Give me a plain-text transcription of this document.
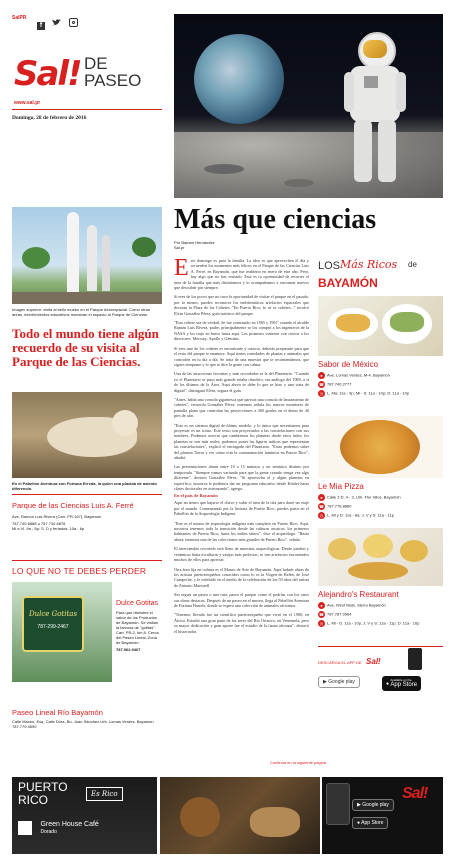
SalPR
f
Sal! DE
PASEO
www.sal.pr
Domingo, 28 de febrero de 2016
Imagen superior: visita al bello museo en el Parque Aeroespacial. Como otras áreas, intertrimientos educativos muestran el espacio al Parque de Ciencias.
Todo el mundo tiene algún recuerdo de su visita al Parque de las Ciencias.
En el Pabellón Aventura con Fortuna Erreda, la quien una placida de asiento diferencia.
Parque de las Ciencias Luis A. Ferré
Ave. Ramón Luis Rivera (Carr. PR-167), Bayamón
787.740.6868 o 787.740.6878
Mi a Vi. 9a - 5p; S, D y feriados: 10a - 6p
LO QUE NO TE DEBES PERDER
Dulce Gotitas
787-299-2467
Dulce Gotitas
Para que disfrutes el sabor de los Productos de Bayamón. Se visitan la famosa de "gotitas". Carr. PR-2, km 8. Cerca del Paseo Lineal. Zona de Bayamón.
787.962.9467
Paseo Lineal Río Bayamón
Calle Maceo, Esq. Calle Dóra, Bo. Juan Sánchez Urb. Lomas Verdes, Bayamón
787.779.4590
Más que ciencias
Por Bairam Hernández
Sal.pr
Este domingo es para la familia. La idea es que aprovechen el día y recuerden los momentos más felices en el Parque de las Ciencias Luis A. Ferré, en Bayamón, que fue reabierto en enero de este año. Pero, hay algo que no has visitado. Esta es tu oportunidad de recorrer el área de la familia que más disfrutamos y lo acompañamos a encontrar nuevos que descubrir por siempre.
Si eres de los pocos que no tuvo la oportunidad de visitar el parque en el pasado, por lo menos, puedes reconocer los emblemáticos artefactos espaciales que decoran la Plaza de los Cohetes. "En Puerto Rico, lo sé es cohetes..." recalcó Elvin González Pérez, guía turístico del parque.
"Esta cohete sea de verdad. Se fue construido en 1965 y 1967, cuando el alcalde Ramón Luis Rivera, padre, principalmente se los compró a los ingenieros de la NASA y los trajo en barco hasta aquí. Los primeros vinieron con ciertos a los directores. Mercury, Apollo y Géminis.
Si eres uno de los cohetes es encontrarte y curioso, deberás prepararte para que el resto del parque te enamore. Aquí tienes variedades de plantas y animales que coinciden en tu día a día. Se trata de una muestra que te recomendamos, que sigues temprano y lo que te dice la gente con calma.
Una de las atracciones favoritas y más recordadas es la del Planetario. "Cuando yo el Planetario se puso más grande estaba obsoleto, era análogo del 1969, a sí de los últimos de la Área. Aquí ahora se debe lo que se hizo y una vista de digital", distinguió Elvin, segura el guía.
"Antes, había una consola gigantesca que parecía una consola de lanzamiento de cohetes", recuerda González Pérez, mientras señala los nuevos monitores de pantalla plana que controlan las proyecciones a 360 grados en el domo de 40 pies de alto.
"Esto es un sistema digital de último modelo, y lo único que necesitamos para proyectar es un icono. Este texto son proyectados a las constelaciones con sus nombres. Podemos acercar que cambiemos los planetas desde estos lados, los planetas se ven más reales, podemos poner las figuras míticas que representan las constelaciones", explicó el encargado del Planetario. "Estas podemos saber del planeta Tierra y ver cómo está la contaminación lumínica en Puerto Rico", añadió.
Las presentaciones duran entre 10 a 15 minutos y un temático distinto por temporada. "Siempre vamos variando para que la gente cuando venga vea algo diferente", destacó González Pérez. "Si aprovecha el y algún planetas en específico, nosotros le podemos dar un programa educativo desde Kínder hasta clases doctorales en astronomía", agrega.
En el país de Bayamón
Aquí no tienes que bajarse el chavo y subir el área de la isla para darte un viaje por el mundo. Comenzando por la historia de Puerto Rico, puedes partir en el Pabellón de la Arqueología Indígena.
"Este es el museo de arqueología indígena más completo en Puerto Rico. Aquí, nosotros tenemos toda la transición desde las culturas arcaicas, los primeros habitantes de Puerto Rico, hasta los indios taínos", dice el arqueólogo. "Hasta ahora, tenemos una de las colecciones más grandes de Puerto Rico", señala.
El intercambio recorrido está lleno de muestras arqueológicas. Desde piedras y cerámicas hasta esculturas y vasijas más perfectas, se ven artefactos encontrados muchos de ellos para apreciar.
Otra área fija en cultura es el Museo de Arte de Bayamón. Aquí habrás obras de los artistas puertorriqueños conocidos como lo es la Virgen de Belén, de José Campeche, y lo exhibido en el medio de la celebración de los 50 años del artista de Antonio Martorell.
Sin seguir un paseo o una ruta, paseo el parque como el podrías con los otros sus obras destacas. Después de un paseo en el museo, llega al Pabellón Aventura de Fortuna Barrels, donde se espera una colección de animales africanos.
"Tenemos llevado fue un científico puertorriqueño que vivió en el 1900, en África. Estudió una gran parte de los seres del Río Orinoco, en Venezuela, pero su mayor dedicación y gran aporte fue el estudio de la fauna africana", destacó el historiador.
Continúa en la siguiente página
LOS Más Ricos de
BAYAMÓN
Sabor de México
● Ave. Lomas Verdes, M-4, Bayamón
☎ 787.740.2777
◷ L, Ma: 11a - 9p; Mi - S: 11a - 10p; D: 11a - 10p
Le Mia Pizza
● Calle 3 D, 4 - 3, Urb. Flor Hilos, Bayamón
☎ 787.778.8880
◷ L, Mi y D: 11a - 8a; J, V y S: 11a - 11p
Alejandro's Restaurant
● Ave. West Main, Sierra Bayamón
☎ 787.787.0964
◷ L, Mi - D: 11a - 10p; J, V y S: 11a - 11p; D: 11a - 10p
DESCARGA EL APP DE Sal!
▶ Google play	●
Available on the
App Store
PUERTO
RICO	Es Rico

Green House Café
Dorado
▶ Google play
● App Store
Sal!
